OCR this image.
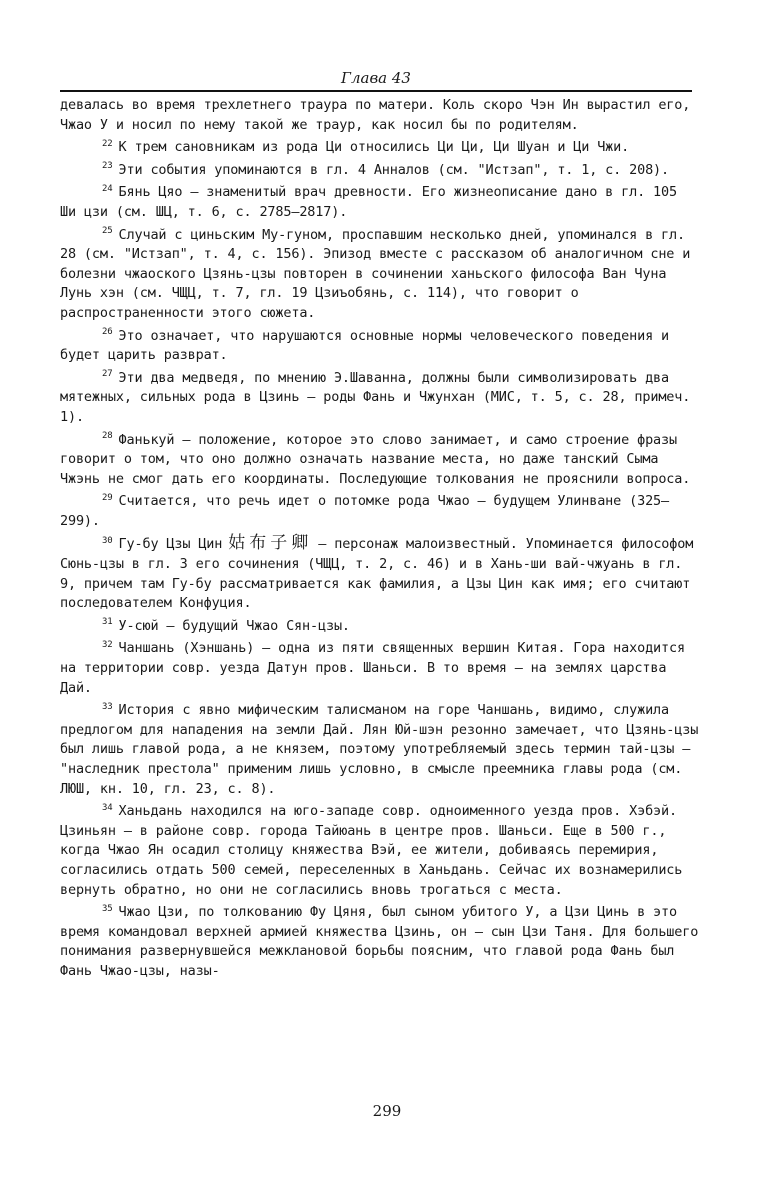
Глава 43

девалась во время трехлетнего траура по матери. Коль скоро Чэн Ин вырастил его, Чжао У и носил по нему такой же траур, как носил бы по родителям.

$^{22}$ К трем сановникам из рода Ци относились Ци Ци, Ци Шуан и Ци Чжи.

$^{23}$ Эти события упоминаются в гл. 4 Анналов (см. "Истзап", т. 1, с. 208).

$^{24}$ Бянь Цяо — знаменитый врач древности. Его жизнеописание дано в гл. 105 Ши цзи (см. ШЦ, т. 6, с. 2785–2817).

$^{25}$ Случай с циньским Му-гуном, проспавшим несколько дней, упоминался в гл. 28 (см. "Истзап", т. 4, с. 156). Эпизод вместе с рассказом об аналогичном сне и болезни чжаоского Цзянь-цзы повторен в сочинении ханьского философа Ван Чуна Лунь хэн (см. ЧЩЦ, т. 7, гл. 19 Цзиъобянь, с. 114), что говорит о распространенности этого сюжета.

$^{26}$ Это означает, что нарушаются основные нормы человеческого поведения и будет царить разврат.

$^{27}$ Эти два медведя, по мнению Э.Шаванна, должны были символизировать два мятежных, сильных рода в Цзинь — роды Фань и Чжунхан (МИС, т. 5, с. 28, примеч. 1).

$^{28}$ Фанькуй — положение, которое это слово занимает, и само строение фразы говорит о том, что оно должно означать название места, но даже танский Сыма Чжэнь не смог дать его координаты. Последующие толкования не прояснили вопроса.

$^{29}$ Считается, что речь идет о потомке рода Чжао — будущем Улинване (325–299).

$^{30}$ Гу-бу Цзы Цин 姑布子卿 — персонаж малоизвестный. Упоминается философом Сюнь-цзы в гл. 3 его сочинения (ЧЩЦ, т. 2, с. 46) и в Хань-ши вай-чжуань в гл. 9, причем там Гу-бу рассматривается как фамилия, а Цзы Цин как имя; его считают последователем Конфуция.

$^{31}$ У-сюй — будущий Чжао Сян-цзы.

$^{32}$ Чаншань (Хэншань) — одна из пяти священных вершин Китая. Гора находится на территории совр. уезда Датун пров. Шаньси. В то время — на землях царства Дай.

$^{33}$ История с явно мифическим талисманом на горе Чаншань, видимо, служила предлогом для нападения на земли Дай. Лян Юй-шэн резонно замечает, что Цзянь-цзы был лишь главой рода, а не князем, поэтому употребляемый здесь термин тай-цзы — "наследник престола" применим лишь условно, в смысле преемника главы рода (см. ЛЮШ, кн. 10, гл. 23, с. 8).

$^{34}$ Ханьдань находился на юго-западе совр. одноименного уезда пров. Хэбэй. Цзиньян — в районе совр. города Тайюань в центре пров. Шаньси. Еще в 500 г., когда Чжао Ян осадил столицу княжества Вэй, ее жители, добиваясь перемирия, согласились отдать 500 семей, переселенных в Ханьдань. Сейчас их вознамерились вернуть обратно, но они не согласились вновь трогаться с места.

$^{35}$ Чжао Цзи, по толкованию Фу Цяня, был сыном убитого У, а Цзи Цинь в это время командовал верхней армией княжества Цзинь, он — сын Цзи Таня. Для большего понимания развернувшейся межклановой борьбы поясним, что главой рода Фань был Фань Чжао-цзы, назы-

299
